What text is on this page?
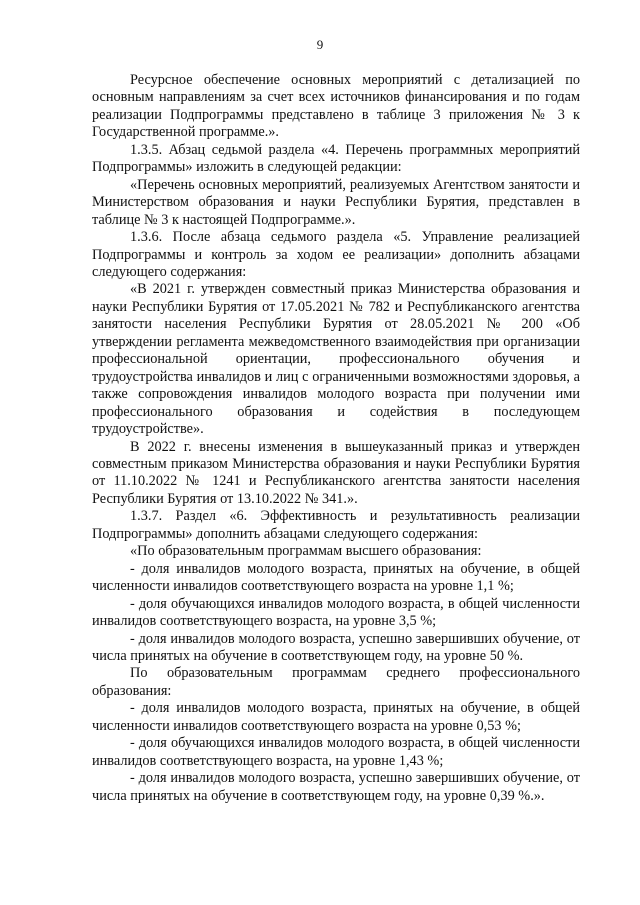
9

Ресурсное обеспечение основных мероприятий с детализацией по основным направлениям за счет всех источников финансирования и по годам реализации Подпрограммы представлено в таблице 3 приложения № 3 к Государственной программе.».

1.3.5. Абзац седьмой раздела «4. Перечень программных мероприятий Подпрограммы» изложить в следующей редакции:

«Перечень основных мероприятий, реализуемых Агентством занятости и Министерством образования и науки Республики Бурятия, представлен в таблице № 3 к настоящей Подпрограмме.».

1.3.6. После абзаца седьмого раздела «5. Управление реализацией Подпрограммы и контроль за ходом ее реализации» дополнить абзацами следующего содержания:

«В 2021 г. утвержден совместный приказ Министерства образования и науки Республики Бурятия от 17.05.2021 № 782 и Республиканского агентства занятости населения Республики Бурятия от 28.05.2021 № 200 «Об утверждении регламента межведомственного взаимодействия при организации профессиональной ориентации, профессионального обучения и трудоустройства инвалидов и лиц с ограниченными возможностями здоровья, а также сопровождения инвалидов молодого возраста при получении ими профессионального образования и содействия в последующем трудоустройстве».

В 2022 г. внесены изменения в вышеуказанный приказ и утвержден совместным приказом Министерства образования и науки Республики Бурятия от 11.10.2022 № 1241 и Республиканского агентства занятости населения Республики Бурятия от 13.10.2022 № 341.».

1.3.7. Раздел «6. Эффективность и результативность реализации Подпрограммы» дополнить абзацами следующего содержания:

«По образовательным программам высшего образования:

- доля инвалидов молодого возраста, принятых на обучение, в общей численности инвалидов соответствующего возраста на уровне 1,1 %;

- доля обучающихся инвалидов молодого возраста, в общей численности инвалидов соответствующего возраста, на уровне 3,5 %;

- доля инвалидов молодого возраста, успешно завершивших обучение, от числа принятых на обучение в соответствующем году, на уровне 50 %.

По образовательным программам среднего профессионального образования:

- доля инвалидов молодого возраста, принятых на обучение, в общей численности инвалидов соответствующего возраста на уровне 0,53 %;

- доля обучающихся инвалидов молодого возраста, в общей численности инвалидов соответствующего возраста, на уровне 1,43 %;

- доля инвалидов молодого возраста, успешно завершивших обучение, от числа принятых на обучение в соответствующем году, на уровне 0,39 %.».
